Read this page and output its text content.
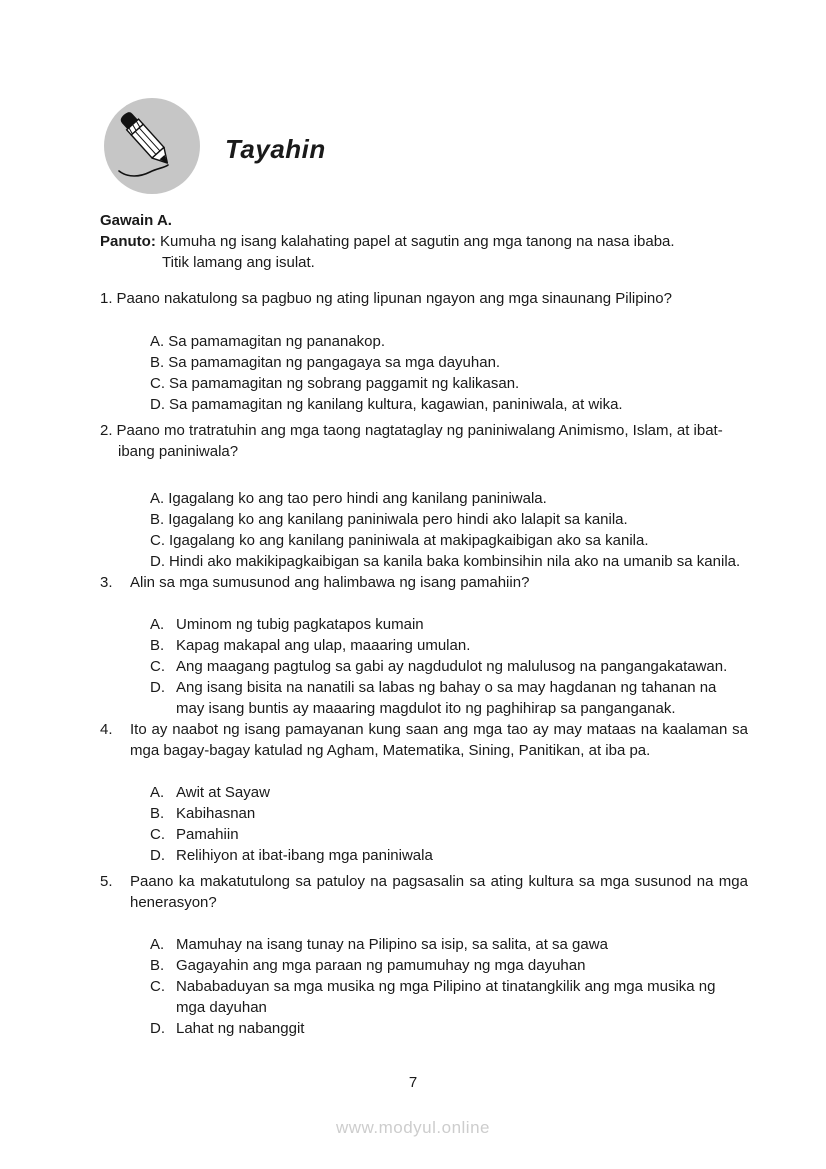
Tayahin
Gawain A.
Panuto: Kumuha ng isang kalahating papel at sagutin ang mga tanong na nasa ibaba.
Titik lamang ang isulat.
1. Paano nakatulong sa pagbuo ng ating lipunan ngayon ang mga sinaunang Pilipino?
A. Sa pamamagitan ng pananakop.
B. Sa pamamagitan ng pangagaya sa mga dayuhan.
C. Sa pamamagitan ng sobrang paggamit ng kalikasan.
D. Sa pamamagitan ng kanilang kultura, kagawian, paniniwala, at wika.
2. Paano mo tratratuhin ang mga taong nagtataglay ng paniniwalang Animismo, Islam, at ibat-ibang paniniwala?
A. Igagalang ko ang tao pero hindi ang kanilang paniniwala.
B. Igagalang ko ang kanilang paniniwala pero hindi ako lalapit sa kanila.
C. Igagalang ko ang kanilang paniniwala at makipagkaibigan ako sa kanila.
D. Hindi ako makikipagkaibigan sa kanila baka kombinsihin nila ako na umanib sa kanila.
3.	Alin sa mga sumusunod ang halimbawa ng isang pamahiin?
A. Uminom ng tubig pagkatapos kumain
B. Kapag makapal ang ulap, maaaring umulan.
C. Ang maagang pagtulog sa gabi ay nagdudulot ng malulusog na pangangakatawan.
D. Ang isang bisita na nanatili sa labas ng bahay o sa may hagdanan ng tahanan na may isang buntis ay maaaring magdulot ito ng paghihirap sa panganganak.
4.	Ito ay naabot ng isang pamayanan kung saan ang mga tao ay may mataas na kaalaman sa mga bagay-bagay katulad ng Agham, Matematika, Sining, Panitikan, at iba pa.
A. Awit at Sayaw
B. Kabihasnan
C. Pamahiin
D. Relihiyon at ibat-ibang mga paniniwala
5.	Paano ka makatutulong sa patuloy na pagsasalin sa ating kultura sa mga susunod na mga henerasyon?
A. Mamuhay na isang tunay na Pilipino sa isip, sa salita, at sa gawa
B. Gagayahin ang mga paraan ng pamumuhay ng mga dayuhan
C. Nababaduyan sa mga musika ng mga Pilipino at tinatangkilik ang mga musika ng mga dayuhan
D. Lahat ng nabanggit
7
www.modyul.online
